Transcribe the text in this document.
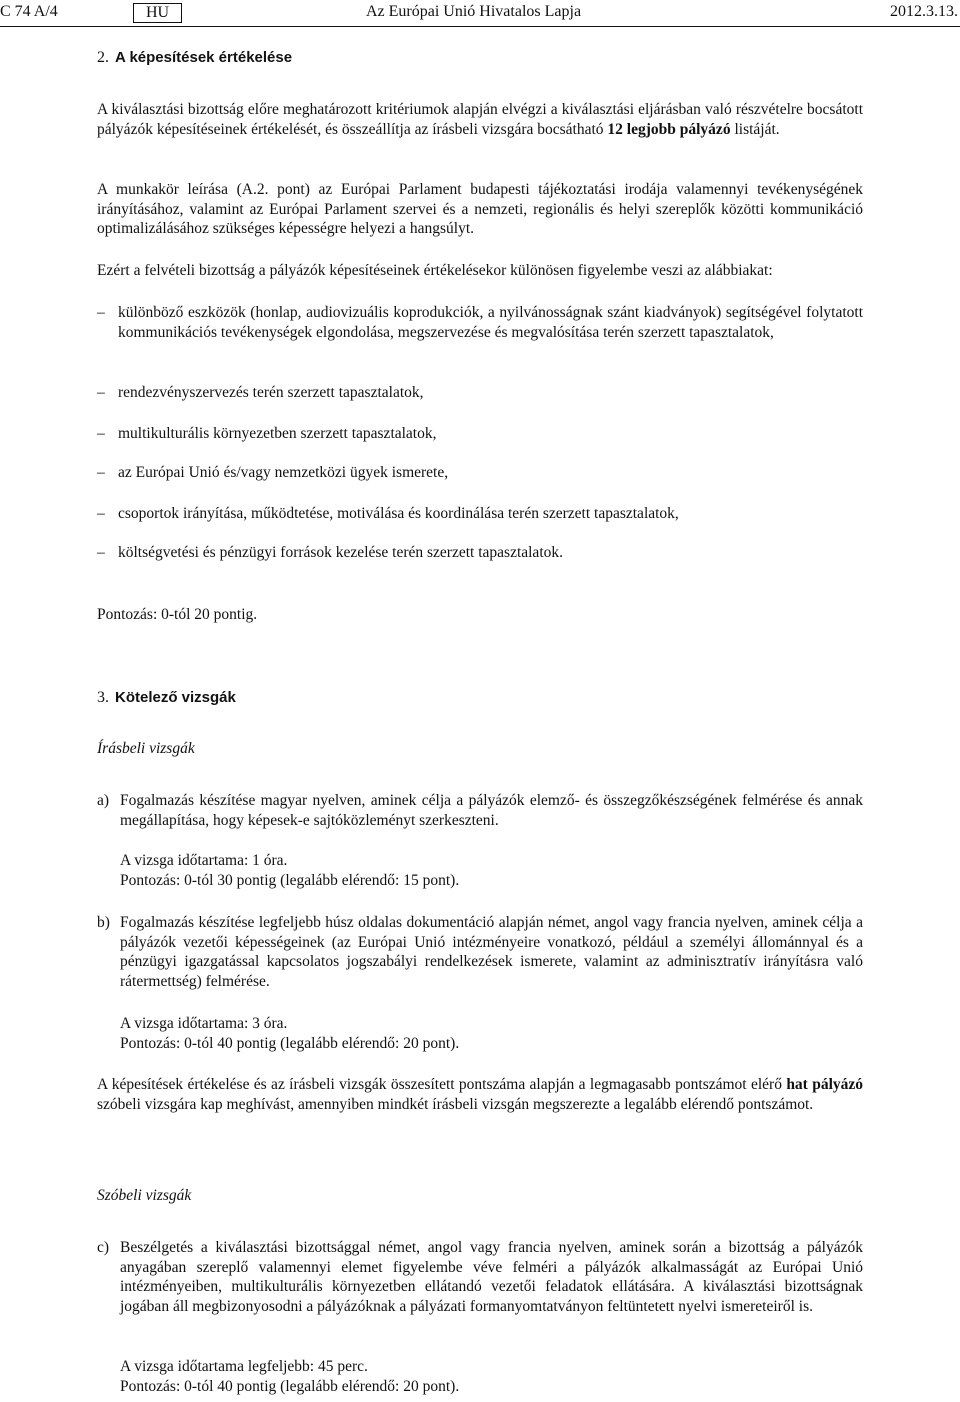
C 74 A/4	HU	Az Európai Unió Hivatalos Lapja	2012.3.13.
2. A képesítések értékelése
A kiválasztási bizottság előre meghatározott kritériumok alapján elvégzi a kiválasztási eljárásban való részvételre bocsátott pályázók képesítéseinek értékelését, és összeállítja az írásbeli vizsgára bocsátható 12 legjobb pályázó listáját.
A munkakör leírása (A.2. pont) az Európai Parlament budapesti tájékoztatási irodája valamennyi tevékenységének irányításához, valamint az Európai Parlament szervei és a nemzeti, regionális és helyi szereplők közötti kommunikáció optimalizálásához szükséges képességre helyezi a hangsúlyt.
Ezért a felvételi bizottság a pályázók képesítéseinek értékelésekor különösen figyelembe veszi az alábbiakat:
– különböző eszközök (honlap, audiovizuális koprodukciók, a nyilvánosságnak szánt kiadványok) segítségével folytatott kommunikációs tevékenységek elgondolása, megszervezése és megvalósítása terén szerzett tapasztalatok,
– rendezvényszervezés terén szerzett tapasztalatok,
– multikulturális környezetben szerzett tapasztalatok,
– az Európai Unió és/vagy nemzetközi ügyek ismerete,
– csoportok irányítása, működtetése, motiválása és koordinálása terén szerzett tapasztalatok,
– költségvetési és pénzügyi források kezelése terén szerzett tapasztalatok.
Pontozás: 0-tól 20 pontig.
3. Kötelező vizsgák
Írásbeli vizsgák
a) Fogalmazás készítése magyar nyelven, aminek célja a pályázók elemző- és összegzőkészségének felmérése és annak megállapítása, hogy képesek-e sajtóközleményt szerkeszteni.
A vizsga időtartama: 1 óra.
Pontozás: 0-tól 30 pontig (legalább elérendő: 15 pont).
b) Fogalmazás készítése legfeljebb húsz oldalas dokumentáció alapján német, angol vagy francia nyelven, aminek célja a pályázók vezetői képességeinek (az Európai Unió intézményeire vonatkozó, például a személyi állománnyal és a pénzügyi igazgatással kapcsolatos jogszabályi rendelkezések ismerete, valamint az adminisztratív irányításra való rátermettség) felmérése.
A vizsga időtartama: 3 óra.
Pontozás: 0-tól 40 pontig (legalább elérendő: 20 pont).
A képesítések értékelése és az írásbeli vizsgák összesített pontszáma alapján a legmagasabb pontszámot elérő hat pályázó szóbeli vizsgára kap meghívást, amennyiben mindkét írásbeli vizsgán megszerezte a legalább elérendő pontszámot.
Szóbeli vizsgák
c) Beszélgetés a kiválasztási bizottsággal német, angol vagy francia nyelven, aminek során a bizottság a pályázók anyagában szereplő valamennyi elemet figyelembe véve felméri a pályázók alkalmasságát az Európai Unió intézményeiben, multikulturális környezetben ellátandó vezetői feladatok ellátására. A kiválasztási bizottságnak jogában áll megbizonyosodni a pályázóknak a pályázati formanyomtatványon feltüntetett nyelvi ismereteiről is.
A vizsga időtartama legfeljebb: 45 perc.
Pontozás: 0-tól 40 pontig (legalább elérendő: 20 pont).
